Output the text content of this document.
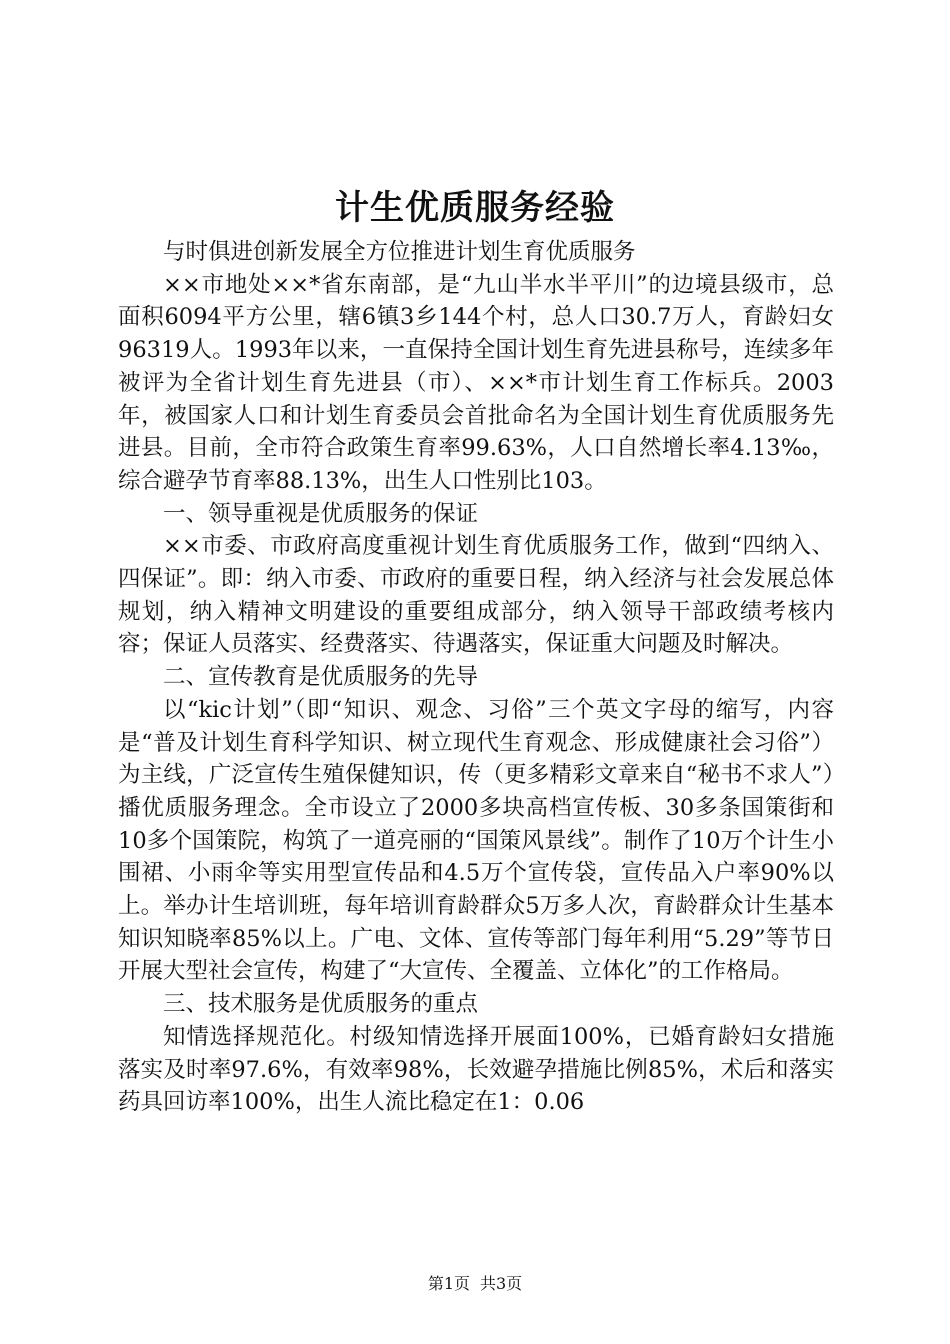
计生优质服务经验

与时俱进创新发展全方位推进计划生育优质服务

××市地处××*省东南部，是“九山半水半平川”的边境县级市，总面积6094平方公里，辖6镇3乡144个村，总人口30.7万人，育龄妇女96319人。1993年以来，一直保持全国计划生育先进县称号，连续多年被评为全省计划生育先进县（市）、××*市计划生育工作标兵。2003年，被国家人口和计划生育委员会首批命名为全国计划生育优质服务先进县。目前，全市符合政策生育率99.63%，人口自然增长率4.13‰，综合避孕节育率88.13%，出生人口性别比103。

一、领导重视是优质服务的保证

××市委、市政府高度重视计划生育优质服务工作，做到“四纳入、四保证”。即：纳入市委、市政府的重要日程，纳入经济与社会发展总体规划，纳入精神文明建设的重要组成部分，纳入领导干部政绩考核内容；保证人员落实、经费落实、待遇落实，保证重大问题及时解决。

二、宣传教育是优质服务的先导

以“kic计划”（即“知识、观念、习俗”三个英文字母的缩写，内容是“普及计划生育科学知识、树立现代生育观念、形成健康社会习俗”）为主线，广泛宣传生殖保健知识，传（更多精彩文章来自“秘书不求人”）播优质服务理念。全市设立了2000多块高档宣传板、30多条国策街和10多个国策院，构筑了一道亮丽的“国策风景线”。制作了10万个计生小围裙、小雨伞等实用型宣传品和4.5万个宣传袋，宣传品入户率90%以上。举办计生培训班，每年培训育龄群众5万多人次，育龄群众计生基本知识知晓率85%以上。广电、文体、宣传等部门每年利用“5.29”等节日开展大型社会宣传，构建了“大宣传、全覆盖、立体化”的工作格局。

三、技术服务是优质服务的重点

知情选择规范化。村级知情选择开展面100%，已婚育龄妇女措施落实及时率97.6%，有效率98%，长效避孕措施比例85%，术后和落实药具回访率100%，出生人流比稳定在1：0.06

第1页 共3页
